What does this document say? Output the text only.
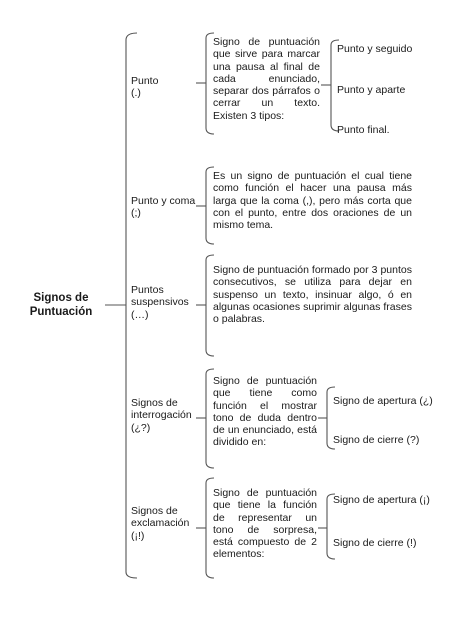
Signos de
Puntuación
Punto
(.)
Signo de puntuación que sirve para marcar una pausa al final de cada enunciado, separar dos párrafos o cerrar un texto. Existen 3 tipos:
Punto y seguido
Punto y aparte
Punto final.
Punto y coma
(;)
Es un signo de puntuación el cual tiene como función el hacer una pausa más larga que la coma (,), pero más corta que con el punto, entre dos oraciones de un mismo tema.
Puntos
suspensivos
(…)
Signo de puntuación formado por 3 puntos consecutivos, se utiliza para dejar en suspenso un texto, insinuar algo, ó en algunas ocasiones suprimir algunas frases o palabras.
Signos de
interrogación
(¿?)
Signo de puntuación que tiene como función el mostrar tono de duda dentro de un enunciado, está dividido en:
Signo de apertura (¿)
Signo de cierre (?)
Signos de
exclamación
(¡!)
Signo de puntuación que tiene la función de representar un tono de sorpresa, está compuesto de 2 elementos:
Signo de apertura (¡)
Signo de cierre (!)
